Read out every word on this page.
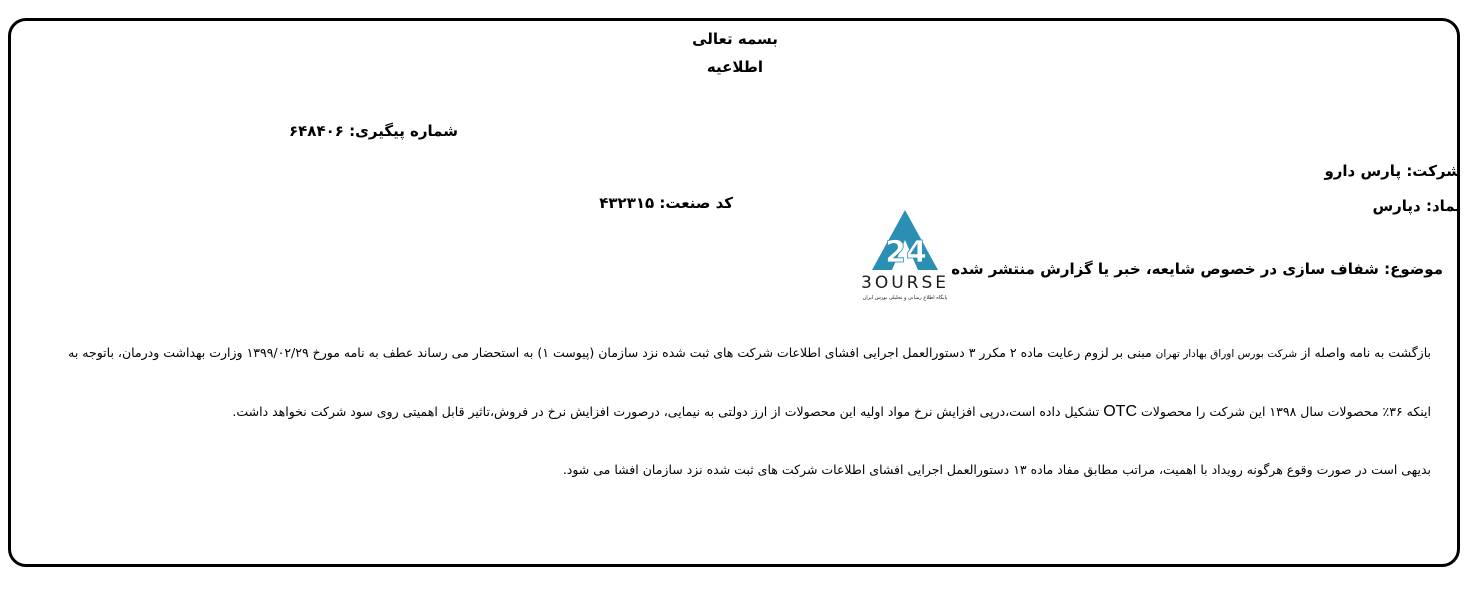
بسمه تعالی
اطلاعیه
شماره پیگیری: ۶۴۸۴۰۶
شرکت: پارس دارو
نماد: دپارس
کد صنعت: ۴۳۲۳۱۵
موضوع: شفاف سازی در خصوص شایعه، خبر یا گزارش منتشر شده
24
3OURSE
پایگاه اطلاع رسانی و تحلیلی بورس ایران
بازگشت به نامه واصله از شرکت بورس اوراق بهادار تهران مبنی بر لزوم رعایت ماده ۲ مکرر ۳ دستورالعمل اجرایی افشای اطلاعات شرکت های ثبت شده نزد سازمان (پیوست ۱) به استحضار می رساند عطف به نامه مورخ ۱۳۹۹/۰۲/۲۹ وزارت بهداشت ودرمان، باتوجه به
اینکه ۳۶٪ محصولات سال ۱۳۹۸ این شرکت را محصولات OTC تشکیل داده است،درپی افزایش نرخ مواد اولیه این محصولات از ارز دولتی به نیمایی، درصورت افزایش نرخ در فروش،تاثیر قابل اهمیتی روی سود شرکت نخواهد داشت.
بدیهی است در صورت وقوع هرگونه رویداد با اهمیت، مراتب مطابق مفاد ماده ۱۳ دستورالعمل اجرایی افشای اطلاعات شرکت های ثبت شده نزد سازمان افشا می شود.
